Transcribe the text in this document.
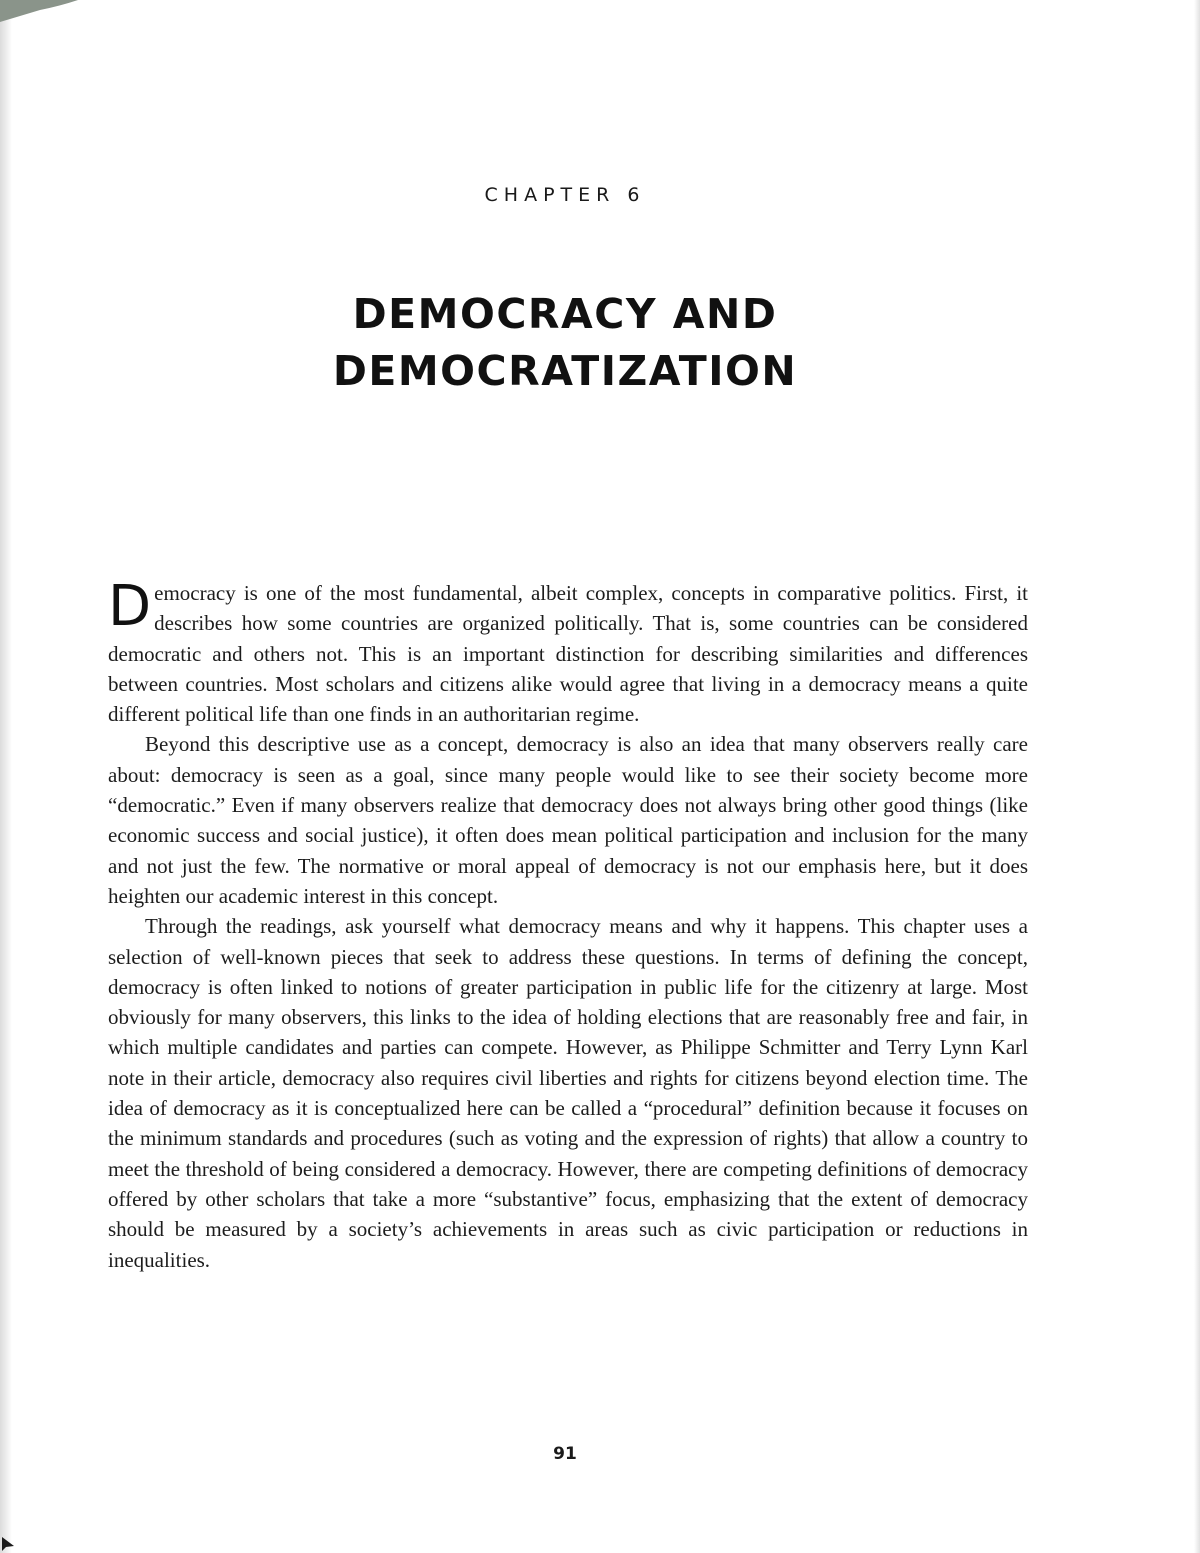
CHAPTER 6
DEMOCRACY AND
DEMOCRATIZATION

Democracy is one of the most fundamental, albeit complex, concepts in comparative politics. First, it describes how some countries are organized politically. That is, some countries can be considered democratic and others not. This is an important distinction for describing similarities and differences between countries. Most scholars and citizens alike would agree that living in a democracy means a quite different political life than one finds in an authoritarian regime.

Beyond this descriptive use as a concept, democracy is also an idea that many observers really care about: democracy is seen as a goal, since many people would like to see their society become more “democratic.” Even if many observers realize that democracy does not always bring other good things (like economic success and social justice), it often does mean political participation and inclusion for the many and not just the few. The normative or moral appeal of democracy is not our emphasis here, but it does heighten our academic interest in this concept.

Through the readings, ask yourself what democracy means and why it happens. This chapter uses a selection of well-known pieces that seek to address these questions. In terms of defining the concept, democracy is often linked to notions of greater participation in public life for the citizenry at large. Most obviously for many observers, this links to the idea of holding elections that are reasonably free and fair, in which multiple candidates and parties can compete. However, as Philippe Schmitter and Terry Lynn Karl note in their article, democracy also requires civil liberties and rights for citizens beyond election time. The idea of democracy as it is conceptualized here can be called a “procedural” definition because it focuses on the minimum standards and procedures (such as voting and the expression of rights) that allow a country to meet the threshold of being considered a democracy. However, there are competing definitions of democracy offered by other scholars that take a more “substantive” focus, emphasizing that the extent of democracy should be measured by a society’s achievements in areas such as civic participation or reductions in inequalities.

91
